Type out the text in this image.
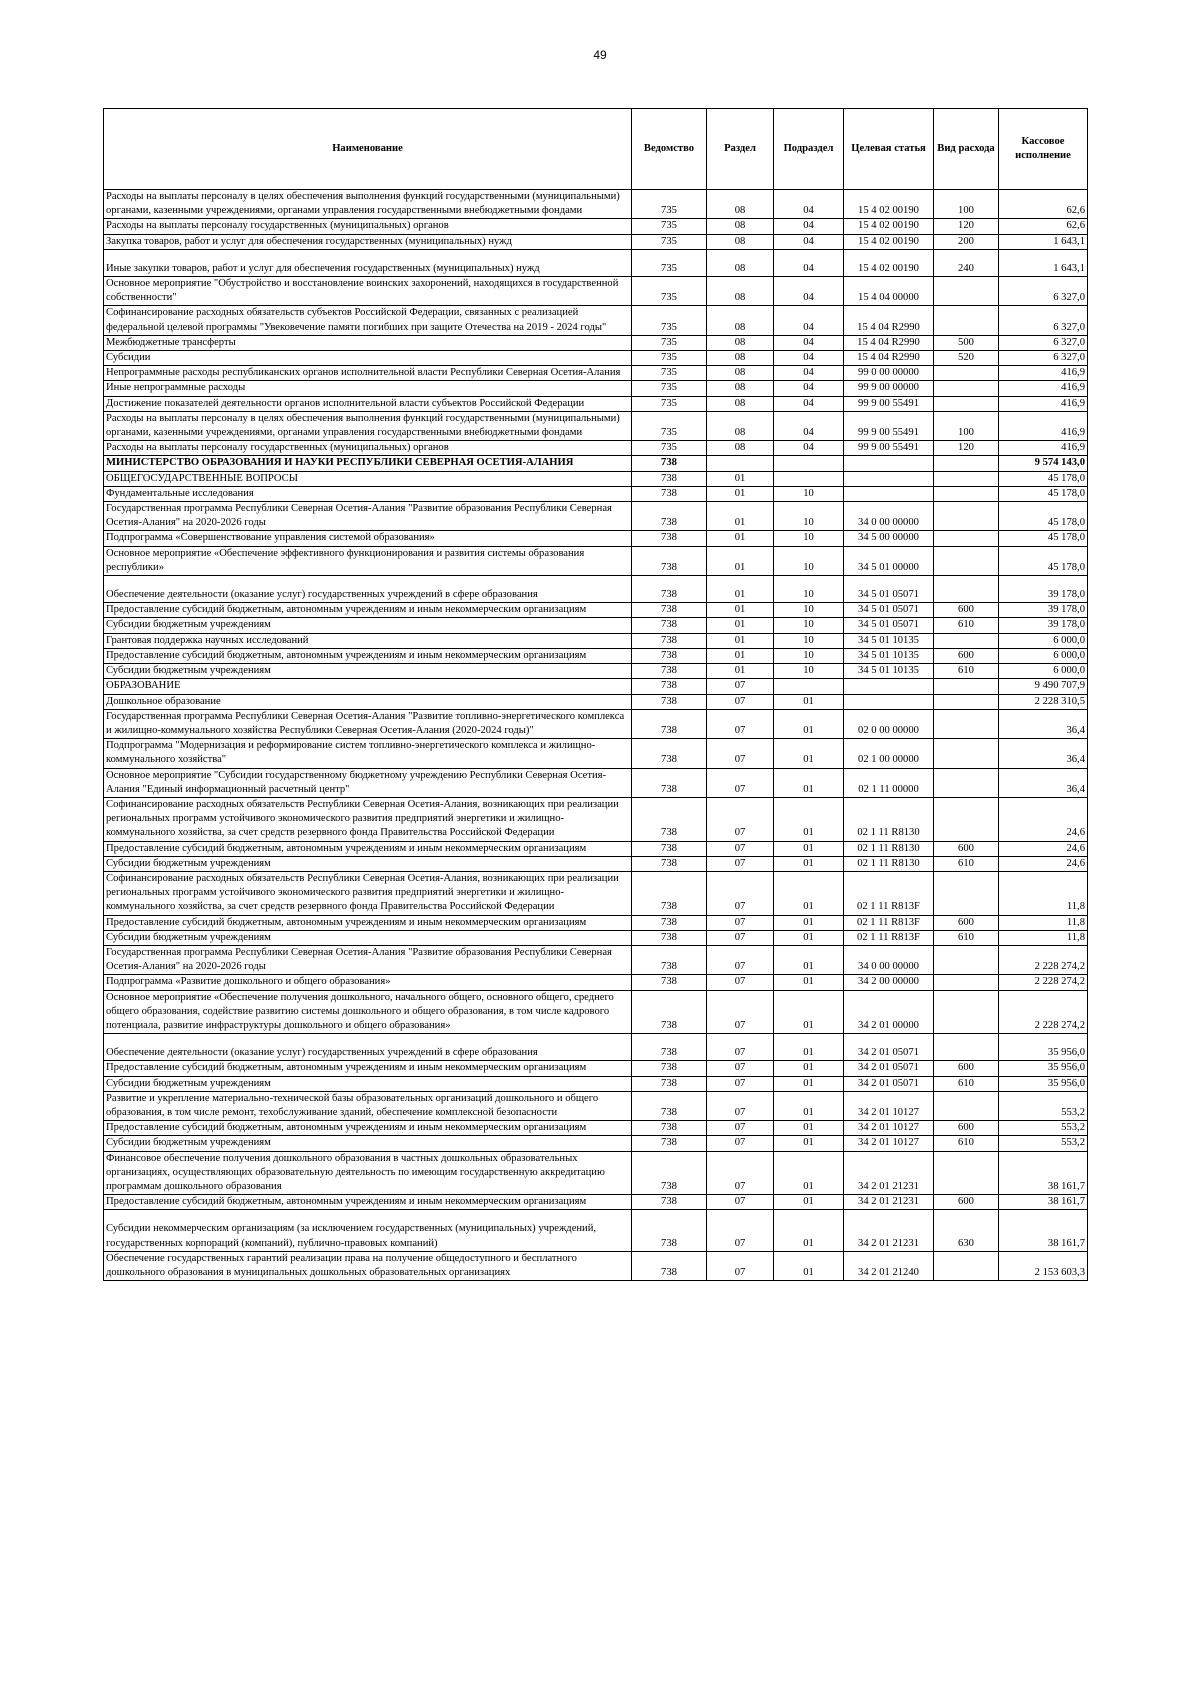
49
Наименование	Ведомство	Раздел	Подраздел	Целевая статья	Вид расхода	Кассовое исполнение
Расходы на выплаты персоналу в целях обеспечения выполнения функций государственными (муниципальными) органами, казенными учреждениями, органами управления государственными внебюджетными фондами	735	08	04	15 4 02 00190	100	62,6
Расходы на выплаты персоналу государственных (муниципальных) органов	735	08	04	15 4 02 00190	120	62,6
Закупка товаров, работ и услуг для обеспечения государственных (муниципальных) нужд	735	08	04	15 4 02 00190	200	1 643,1
Иные закупки товаров, работ и услуг для обеспечения государственных (муниципальных) нужд	735	08	04	15 4 02 00190	240	1 643,1
Основное мероприятие "Обустройство и восстановление воинских захоронений, находящихся в государственной собственности"	735	08	04	15 4 04 00000		6 327,0
Софинансирование расходных обязательств субъектов Российской Федерации, связанных с реализацией федеральной целевой программы "Увековечение памяти погибших при защите Отечества на 2019 - 2024 годы"	735	08	04	15 4 04 R2990		6 327,0
Межбюджетные трансферты	735	08	04	15 4 04 R2990	500	6 327,0
Субсидии	735	08	04	15 4 04 R2990	520	6 327,0
Непрограммные расходы республиканских органов исполнительной власти Республики Северная Осетия-Алания	735	08	04	99 0 00 00000		416,9
Иные непрограммные расходы	735	08	04	99 9 00 00000		416,9
Достижение показателей деятельности органов исполнительной власти субъектов Российской Федерации	735	08	04	99 9 00 55491		416,9
Расходы на выплаты персоналу в целях обеспечения выполнения функций государственными (муниципальными) органами, казенными учреждениями, органами управления государственными внебюджетными фондами	735	08	04	99 9 00 55491	100	416,9
Расходы на выплаты персоналу государственных (муниципальных) органов	735	08	04	99 9 00 55491	120	416,9
МИНИСТЕРСТВО ОБРАЗОВАНИЯ И НАУКИ РЕСПУБЛИКИ СЕВЕРНАЯ ОСЕТИЯ-АЛАНИЯ	738					9 574 143,0
ОБЩЕГОСУДАРСТВЕННЫЕ ВОПРОСЫ	738	01				45 178,0
Фундаментальные исследования	738	01	10			45 178,0
Государственная программа Республики Северная Осетия-Алания "Развитие образования Республики Северная Осетия-Алания" на 2020-2026 годы	738	01	10	34 0 00 00000		45 178,0
Подпрограмма «Совершенствование управления системой образования»	738	01	10	34 5 00 00000		45 178,0
Основное мероприятие «Обеспечение эффективного функционирования и развития системы образования республики»	738	01	10	34 5 01 00000		45 178,0
Обеспечение деятельности (оказание услуг) государственных учреждений в сфере образования	738	01	10	34 5 01 05071		39 178,0
Предоставление субсидий бюджетным, автономным учреждениям и иным некоммерческим организациям	738	01	10	34 5 01 05071	600	39 178,0
Субсидии бюджетным учреждениям	738	01	10	34 5 01 05071	610	39 178,0
Грантовая поддержка научных исследований	738	01	10	34 5 01 10135		6 000,0
Предоставление субсидий бюджетным, автономным учреждениям и иным некоммерческим организациям	738	01	10	34 5 01 10135	600	6 000,0
Субсидии бюджетным учреждениям	738	01	10	34 5 01 10135	610	6 000,0
ОБРАЗОВАНИЕ	738	07				9 490 707,9
Дошкольное образование	738	07	01			2 228 310,5
Государственная программа Республики Северная Осетия-Алания "Развитие топливно-энергетического комплекса и жилищно-коммунального хозяйства Республики Северная Осетия-Алания (2020-2024 годы)"	738	07	01	02 0 00 00000		36,4
Подпрограмма "Модернизация и реформирование систем топливно-энергетического комплекса и жилищно-коммунального хозяйства"	738	07	01	02 1 00 00000		36,4
Основное мероприятие "Субсидии государственному бюджетному учреждению Республики Северная Осетия-Алания "Единый информационный расчетный центр"	738	07	01	02 1 11 00000		36,4
Софинансирование расходных обязательств Республики Северная Осетия-Алания, возникающих при реализации региональных программ устойчивого экономического развития предприятий энергетики и жилищно-коммунального хозяйства, за счет средств резервного фонда Правительства Российской Федерации	738	07	01	02 1 11 R8130		24,6
Предоставление субсидий бюджетным, автономным учреждениям и иным некоммерческим организациям	738	07	01	02 1 11 R8130	600	24,6
Субсидии бюджетным учреждениям	738	07	01	02 1 11 R8130	610	24,6
Софинансирование расходных обязательств Республики Северная Осетия-Алания, возникающих при реализации региональных программ устойчивого экономического развития предприятий энергетики и жилищно-коммунального хозяйства, за счет средств резервного фонда Правительства Российской Федерации	738	07	01	02 1 11 R813F		11,8
Предоставление субсидий бюджетным, автономным учреждениям и иным некоммерческим организациям	738	07	01	02 1 11 R813F	600	11,8
Субсидии бюджетным учреждениям	738	07	01	02 1 11 R813F	610	11,8
Государственная программа Республики Северная Осетия-Алания "Развитие образования Республики Северная Осетия-Алания" на 2020-2026 годы	738	07	01	34 0 00 00000		2 228 274,2
Подпрограмма «Развитие дошкольного и общего образования»	738	07	01	34 2 00 00000		2 228 274,2
Основное мероприятие «Обеспечение получения дошкольного, начального общего, основного общего, среднего общего образования, содействие развитию системы дошкольного и общего образования, в том числе кадрового потенциала, развитие инфраструктуры дошкольного и общего образования»	738	07	01	34 2 01 00000		2 228 274,2
Обеспечение деятельности (оказание услуг) государственных учреждений в сфере образования	738	07	01	34 2 01 05071		35 956,0
Предоставление субсидий бюджетным, автономным учреждениям и иным некоммерческим организациям	738	07	01	34 2 01 05071	600	35 956,0
Субсидии бюджетным учреждениям	738	07	01	34 2 01 05071	610	35 956,0
Развитие и укрепление материально-технической базы образовательных организаций дошкольного и общего образования, в том числе ремонт, техобслуживание зданий, обеспечение комплексной безопасности	738	07	01	34 2 01 10127		553,2
Предоставление субсидий бюджетным, автономным учреждениям и иным некоммерческим организациям	738	07	01	34 2 01 10127	600	553,2
Субсидии бюджетным учреждениям	738	07	01	34 2 01 10127	610	553,2
Финансовое обеспечение получения дошкольного образования в частных дошкольных образовательных организациях, осуществляющих образовательную деятельность по имеющим государственную аккредитацию программам дошкольного образования	738	07	01	34 2 01 21231		38 161,7
Предоставление субсидий бюджетным, автономным учреждениям и иным некоммерческим организациям	738	07	01	34 2 01 21231	600	38 161,7
Субсидии некоммерческим организациям (за исключением государственных (муниципальных) учреждений, государственных корпораций (компаний), публично-правовых компаний)	738	07	01	34 2 01 21231	630	38 161,7
Обеспечение государственных гарантий реализации права на получение общедоступного и бесплатного дошкольного образования в муниципальных дошкольных образовательных организациях	738	07	01	34 2 01 21240		2 153 603,3
